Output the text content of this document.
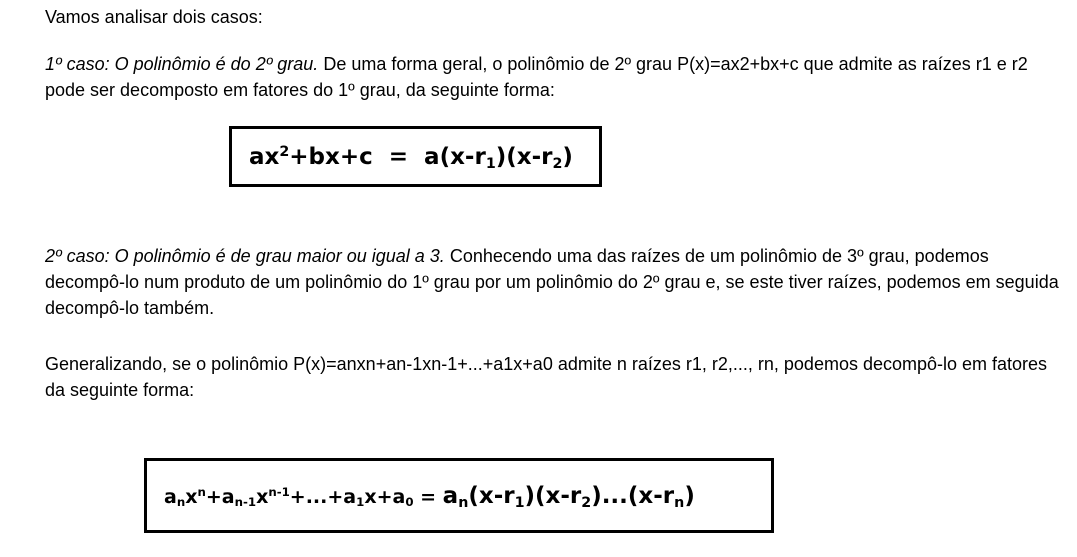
Vamos analisar dois casos:

1º caso: O polinômio é do 2º grau. De uma forma geral, o polinômio de 2º grau P(x)=ax2+bx+c que admite as raízes r1 e r2 pode ser decomposto em fatores do 1º grau, da seguinte forma:

$ax^2+bx+c = a(x-r1)(x-r2)$

2º caso: O polinômio é de grau maior ou igual a 3. Conhecendo uma das raízes de um polinômio de 3º grau, podemos decompô-lo num produto de um polinômio do 1º grau por um polinômio do 2º grau e, se este tiver raízes, podemos em seguida decompô-lo também.

Generalizando, se o polinômio P(x)=anxn+an-1xn-1+...+a1x+a0 admite n raízes r1, r2,..., rn, podemos decompô-lo em fatores da seguinte forma:

$anx^n+an-1x^{n-1}+...+a1x+a0 = an(x-r1)(x-r2)...(x-rn)$
